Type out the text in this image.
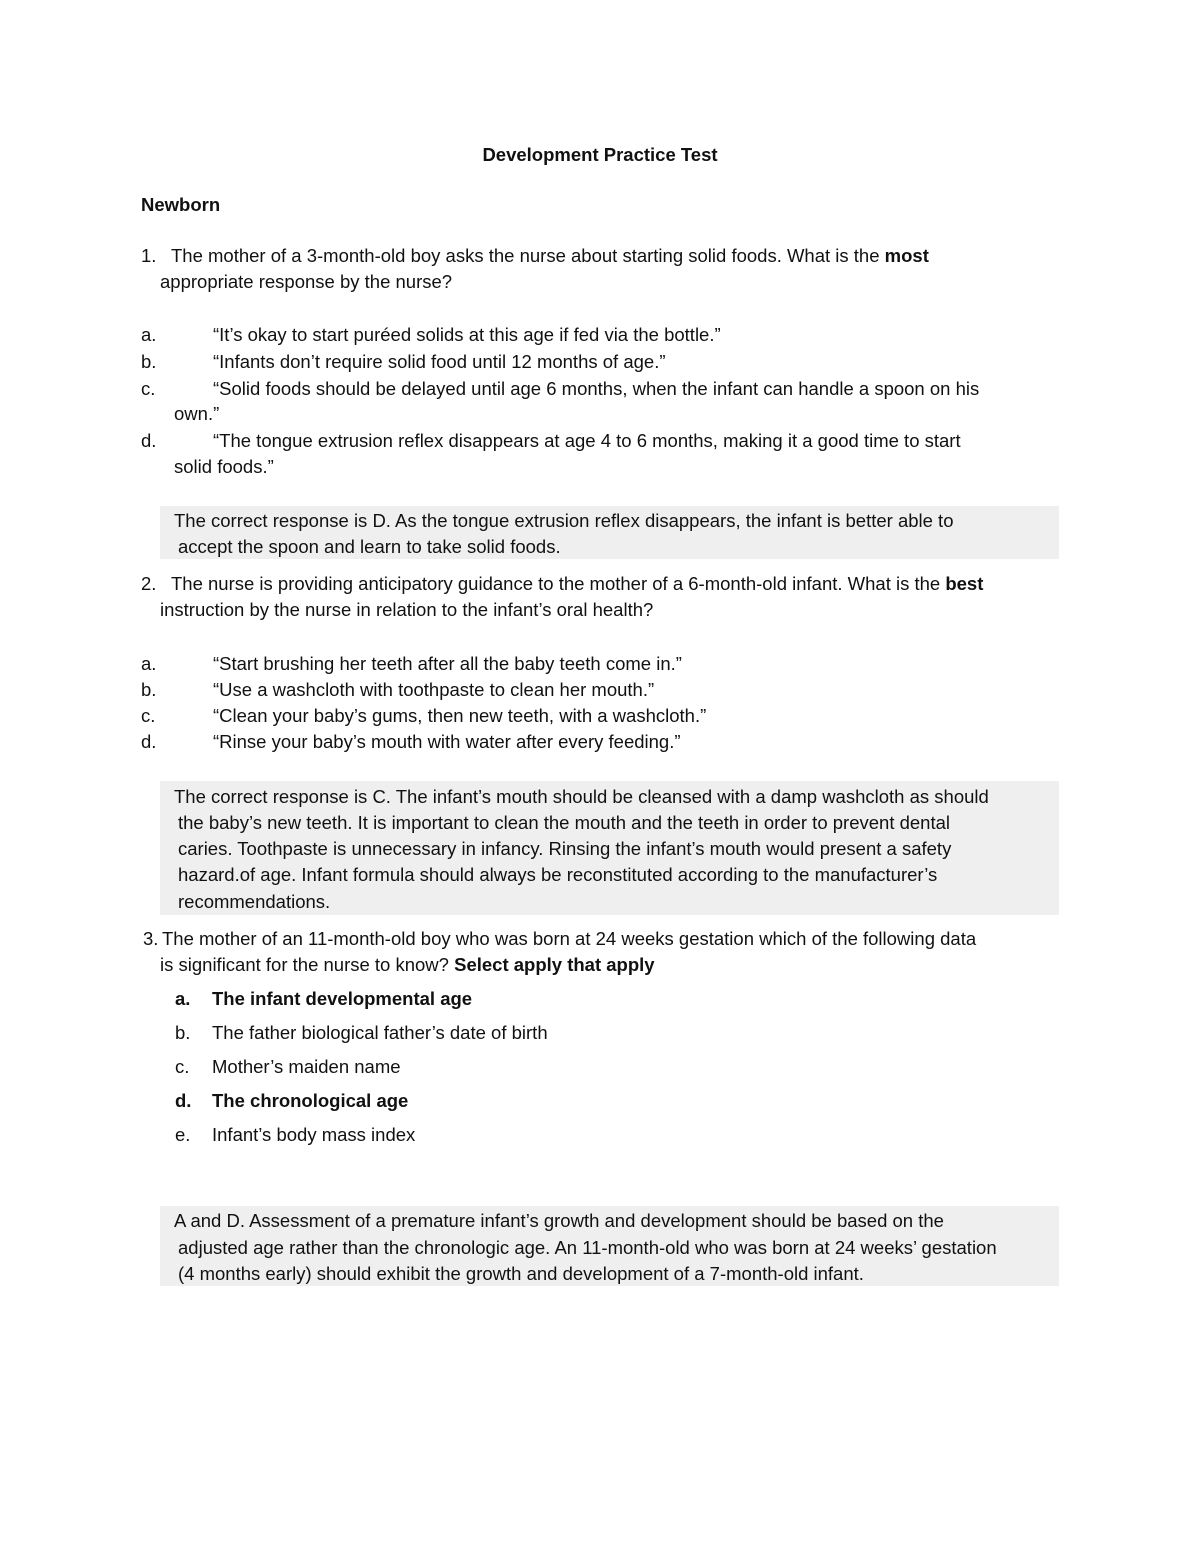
Development Practice Test
Newborn
1. The mother of a 3-month-old boy asks the nurse about starting solid foods. What is the most
appropriate response by the nurse?
a.	“It’s okay to start puréed solids at this age if fed via the bottle.”
b.	“Infants don’t require solid food until 12 months of age.”
c.	“Solid foods should be delayed until age 6 months, when the infant can handle a spoon on his
own.”
d.	“The tongue extrusion reflex disappears at age 4 to 6 months, making it a good time to start
solid foods.”
The correct response is D. As the tongue extrusion reflex disappears, the infant is better able to
accept the spoon and learn to take solid foods.
2. The nurse is providing anticipatory guidance to the mother of a 6-month-old infant. What is the best
instruction by the nurse in relation to the infant’s oral health?
a.	“Start brushing her teeth after all the baby teeth come in.”
b.	“Use a washcloth with toothpaste to clean her mouth.”
c.	“Clean your baby’s gums, then new teeth, with a washcloth.”
d.	“Rinse your baby’s mouth with water after every feeding.”
The correct response is C. The infant’s mouth should be cleansed with a damp washcloth as should
the baby’s new teeth. It is important to clean the mouth and the teeth in order to prevent dental
caries. Toothpaste is unnecessary in infancy. Rinsing the infant’s mouth would present a safety
hazard.of age. Infant formula should always be reconstituted according to the manufacturer’s
recommendations.
3. The mother of an 11-month-old boy who was born at 24 weeks gestation which of the following data
is significant for the nurse to know? Select apply that apply
a.	The infant developmental age
b.	The father biological father’s date of birth
c.	Mother’s maiden name
d.	The chronological age
e.	Infant’s body mass index
A and D. Assessment of a premature infant’s growth and development should be based on the
adjusted age rather than the chronologic age. An 11-month-old who was born at 24 weeks’ gestation
(4 months early) should exhibit the growth and development of a 7-month-old infant.
